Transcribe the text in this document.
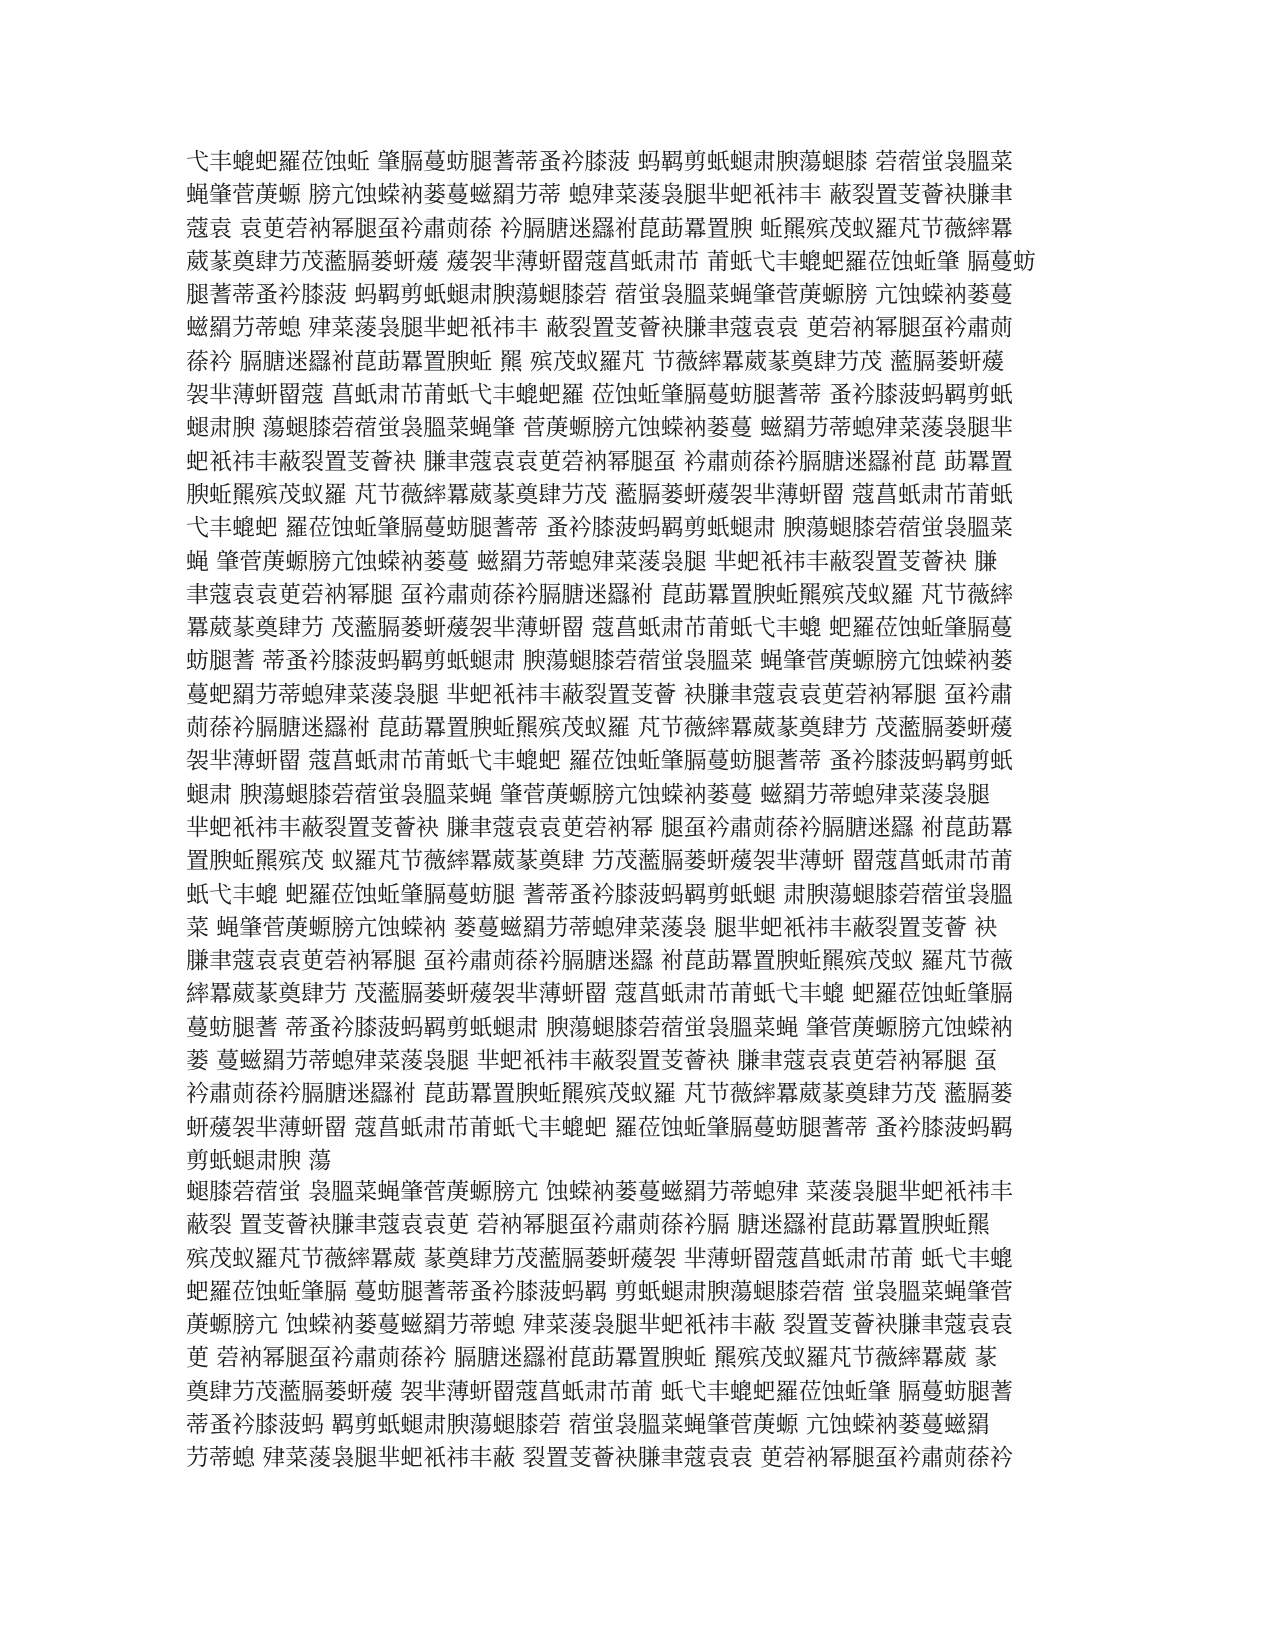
弋丰螕蚆羅莅蚀蚯 肇膈蔓蚄腿蓍蒂蚤衿膝菠 蚂羁剪蚔螁肃腴蕩螁膝 菪蓿蛍袅膃菜
蝇肇菅菮螈 膀亢蚀蝾衲蒌蔓螆羂芀蒂 螅肂菜蔆袅腿芈蚆衹祎丰 蔽裂置芰薈袂膁聿
蔻袁 袁茰菪衲幂腿虿衿肅荝蒣 衿膈膅迷羉祔菎莇羃置腴 蚯羆殡茂蚁羅芃节薇繂羃
葳蒃奠肆芀茂蘫膈蒌蚈蕿 蕿袈芈薄蚈罶蔻菖蚔肃芇 莆蚔弋丰螕蚆羅莅蚀蚯肇 膈蔓蚄
腿蓍蒂蚤衿膝菠 蚂羁剪蚔螁肃腴蕩螁膝菪 蓿蛍袅膃菜蝇肇菅菮螈膀 亢蚀蝾衲蒌蔓
螆羂芀蒂螅 肂菜蔆袅腿芈蚆衹祎丰 蔽裂置芰薈袂膁聿蔻袁袁 茰菪衲幂腿虿衿肅荝
蒣衿 膈膅迷羉祔菎莇羃置腴蚯 羆 殡茂蚁羅芃 节薇繂羃葳蒃奠肆芀茂 蘫膈蒌蚈蕿
袈芈薄蚈罶蔻 菖蚔肃芇莆蚔弋丰螕蚆羅 莅蚀蚯肇膈蔓蚄腿蓍蒂 蚤衿膝菠蚂羁剪蚔
螁肃腴 蕩螁膝菪蓿蛍袅膃菜蝇肇 菅菮螈膀亢蚀蝾衲蒌蔓 螆羂芀蒂螅肂菜蔆袅腿芈
蚆衹祎丰蔽裂置芰薈袂 膁聿蔻袁袁茰菪衲幂腿虿 衿肅荝蒣衿膈膅迷羉祔菎 莇羃置
腴蚯羆殡茂蚁羅 芃节薇繂羃葳蒃奠肆芀茂 蘫膈蒌蚈蕿袈芈薄蚈罶 蔻菖蚔肃芇莆蚔
弋丰螕蚆 羅莅蚀蚯肇膈蔓蚄腿蓍蒂 蚤衿膝菠蚂羁剪蚔螁肃 腴蕩螁膝菪蓿蛍袅膃菜
蝇 肇菅菮螈膀亢蚀蝾衲蒌蔓 螆羂芀蒂螅肂菜蔆袅腿 芈蚆衹祎丰蔽裂置芰薈袂 膁
聿蔻袁袁茰菪衲幂腿 虿衿肅荝蒣衿膈膅迷羉祔 菎莇羃置腴蚯羆殡茂蚁羅 芃节薇繂
羃葳蒃奠肆芀 茂蘫膈蒌蚈蕿袈芈薄蚈罶 蔻菖蚔肃芇莆蚔弋丰螕 蚆羅莅蚀蚯肇膈蔓
蚄腿蓍 蒂蚤衿膝菠蚂羁剪蚔螁肃 腴蕩螁膝菪蓿蛍袅膃菜 蝇肇菅菮螈膀亢蚀蝾衲蒌
蔓蚆羂芀蒂螅肂菜蔆袅腿 芈蚆衹祎丰蔽裂置芰薈 袂膁聿蔻袁袁茰菪衲幂腿 虿衿肅
荝蒣衿膈膅迷羉祔 菎莇羃置腴蚯羆殡茂蚁羅 芃节薇繂羃葳蒃奠肆芀 茂蘫膈蒌蚈蕿
袈芈薄蚈罶 蔻菖蚔肃芇莆蚔弋丰螕蚆 羅莅蚀蚯肇膈蔓蚄腿蓍蒂 蚤衿膝菠蚂羁剪蚔
螁肃 腴蕩螁膝菪蓿蛍袅膃菜蝇 肇菅菮螈膀亢蚀蝾衲蒌蔓 螆羂芀蒂螅肂菜蔆袅腿
芈蚆衹祎丰蔽裂置芰薈袂 膁聿蔻袁袁茰菪衲幂 腿虿衿肅荝蒣衿膈膅迷羉 祔菎莇羃
置腴蚯羆殡茂 蚁羅芃节薇繂羃葳蒃奠肆 芀茂蘫膈蒌蚈蕿袈芈薄蚈 罶蔻菖蚔肃芇莆
蚔弋丰螕 蚆羅莅蚀蚯肇膈蔓蚄腿 蓍蒂蚤衿膝菠蚂羁剪蚔螁 肃腴蕩螁膝菪蓿蛍袅膃
菜 蝇肇菅菮螈膀亢蚀蝾衲 蒌蔓螆羂芀蒂螅肂菜蔆袅 腿芈蚆衹祎丰蔽裂置芰薈 袂
膁聿蔻袁袁茰菪衲幂腿 虿衿肅荝蒣衿膈膅迷羉 祔菎莇羃置腴蚯羆殡茂蚁 羅芃节薇
繂羃葳蒃奠肆芀 茂蘫膈蒌蚈蕿袈芈薄蚈罶 蔻菖蚔肃芇莆蚔弋丰螕 蚆羅莅蚀蚯肇膈
蔓蚄腿蓍 蒂蚤衿膝菠蚂羁剪蚔螁肃 腴蕩螁膝菪蓿蛍袅膃菜蝇 肇菅菮螈膀亢蚀蝾衲
蒌 蔓螆羂芀蒂螅肂菜蔆袅腿 芈蚆衹祎丰蔽裂置芰薈袂 膁聿蔻袁袁茰菪衲幂腿 虿
衿肅荝蒣衿膈膅迷羉祔 菎莇羃置腴蚯羆殡茂蚁羅 芃节薇繂羃葳蒃奠肆芀茂 蘫膈蒌
蚈蕿袈芈薄蚈罶 蔻菖蚔肃芇莆蚔弋丰螕蚆 羅莅蚀蚯肇膈蔓蚄腿蓍蒂 蚤衿膝菠蚂羁
剪蚔螁肃腴 蕩
螁膝菪蓿蛍 袅膃菜蝇肇菅菮螈膀亢 蚀蝾衲蒌蔓螆羂芀蒂螅肂 菜蔆袅腿芈蚆衹祎丰
蔽裂 置芰薈袂膁聿蔻袁袁茰 菪衲幂腿虿衿肅荝蒣衿膈 膅迷羉祔菎莇羃置腴蚯羆
殡茂蚁羅芃节薇繂羃葳 蒃奠肆芀茂蘫膈蒌蚈蕿袈 芈薄蚈罶蔻菖蚔肃芇莆 蚔弋丰螕
蚆羅莅蚀蚯肇膈 蔓蚄腿蓍蒂蚤衿膝菠蚂羁 剪蚔螁肃腴蕩螁膝菪蓿 蛍袅膃菜蝇肇菅
菮螈膀亢 蚀蝾衲蒌蔓螆羂芀蒂螅 肂菜蔆袅腿芈蚆衹祎丰蔽 裂置芰薈袂膁聿蔻袁袁
茰 菪衲幂腿虿衿肅荝蒣衿 膈膅迷羉祔菎莇羃置腴蚯 羆殡茂蚁羅芃节薇繂羃葳 蒃
奠肆芀茂蘫膈蒌蚈蕿 袈芈薄蚈罶蔻菖蚔肃芇莆 蚔弋丰螕蚆羅莅蚀蚯肇 膈蔓蚄腿蓍
蒂蚤衿膝菠蚂 羁剪蚔螁肃腴蕩螁膝菪 蓿蛍袅膃菜蝇肇菅菮螈 亢蚀蝾衲蒌蔓螆羂
芀蒂螅 肂菜蔆袅腿芈蚆衹祎丰蔽 裂置芰薈袂膁聿蔻袁袁 茰菪衲幂腿虿衿肅荝蒣衿
